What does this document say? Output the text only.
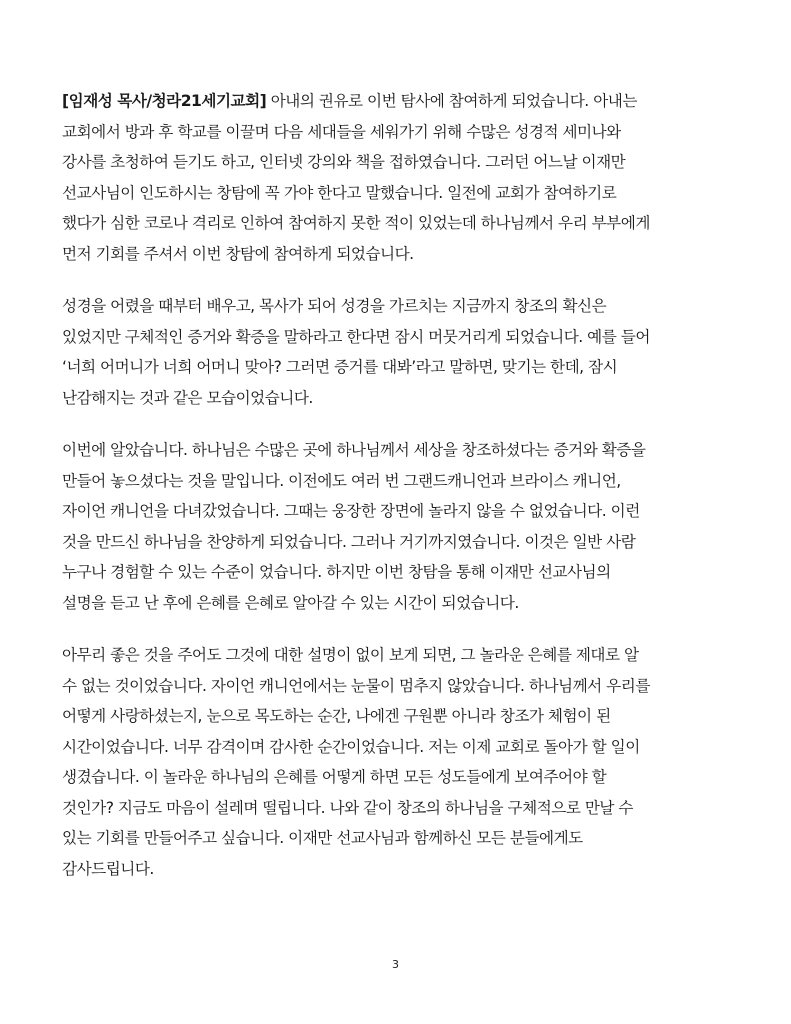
[임재성 목사/청라21세기교회] 아내의 권유로 이번 탐사에 참여하게 되었습니다. 아내는
교회에서 방과 후 학교를 이끌며 다음 세대들을 세워가기 위해 수많은 성경적 세미나와
강사를 초청하여 듣기도 하고, 인터넷 강의와 책을 접하였습니다. 그러던 어느날 이재만
선교사님이 인도하시는 창탐에 꼭 가야 한다고 말했습니다. 일전에 교회가 참여하기로
했다가 심한 코로나 격리로 인하여 참여하지 못한 적이 있었는데 하나님께서 우리 부부에게
먼저 기회를 주셔서 이번 창탐에 참여하게 되었습니다.

성경을 어렸을 때부터 배우고, 목사가 되어 성경을 가르치는 지금까지 창조의 확신은
있었지만 구체적인 증거와 확증을 말하라고 한다면 잠시 머뭇거리게 되었습니다. 예를 들어
‘너희 어머니가 너희 어머니 맞아? 그러면 증거를 대봐’라고 말하면, 맞기는 한데, 잠시
난감해지는 것과 같은 모습이었습니다.

이번에 알았습니다. 하나님은 수많은 곳에 하나님께서 세상을 창조하셨다는 증거와 확증을
만들어 놓으셨다는 것을 말입니다. 이전에도 여러 번 그랜드캐니언과 브라이스 캐니언,
자이언 캐니언을 다녀갔었습니다. 그때는 웅장한 장면에 놀라지 않을 수 없었습니다. 이런
것을 만드신 하나님을 찬양하게 되었습니다. 그러나 거기까지였습니다. 이것은 일반 사람
누구나 경험할 수 있는 수준이 었습니다. 하지만 이번 창탐을 통해 이재만 선교사님의
설명을 듣고 난 후에 은혜를 은혜로 알아갈 수 있는 시간이 되었습니다.

아무리 좋은 것을 주어도 그것에 대한 설명이 없이 보게 되면, 그 놀라운 은혜를 제대로 알
수 없는 것이었습니다. 자이언 캐니언에서는 눈물이 멈추지 않았습니다. 하나님께서 우리를
어떻게 사랑하셨는지, 눈으로 목도하는 순간, 나에겐 구원뿐 아니라 창조가 체험이 된
시간이었습니다. 너무 감격이며 감사한 순간이었습니다. 저는 이제 교회로 돌아가 할 일이
생겼습니다. 이 놀라운 하나님의 은혜를 어떻게 하면 모든 성도들에게 보여주어야 할
것인가? 지금도 마음이 설레며 떨립니다. 나와 같이 창조의 하나님을 구체적으로 만날 수
있는 기회를 만들어주고 싶습니다. 이재만 선교사님과 함께하신 모든 분들에게도
감사드립니다.

3
